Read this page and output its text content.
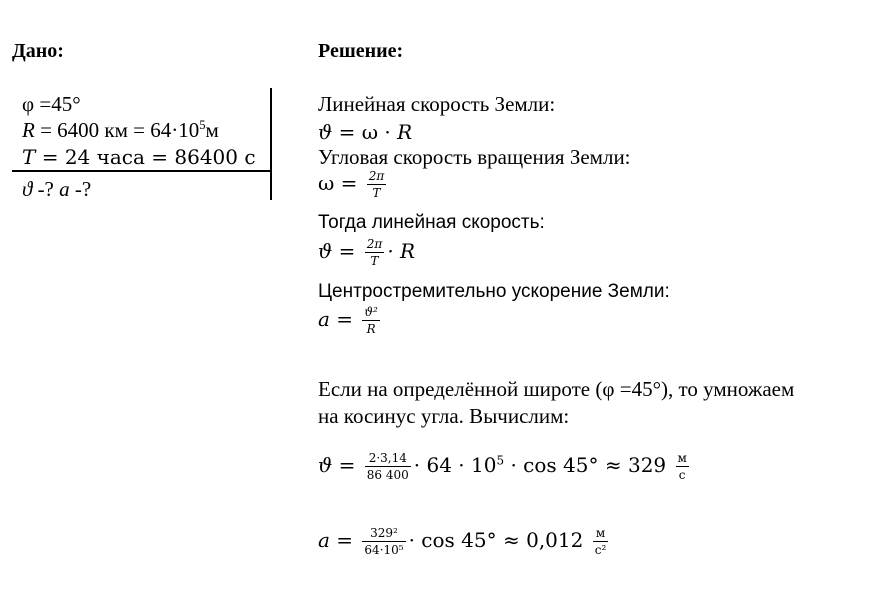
Дано:
φ =45°
R = 6400 км = $64\cdot 10^5м$
T = 24 часа = 86400 с
ϑ -? a -?
Решение:
Линейная скорость Земли:
ϑ = ω · R
Угловая скорость вращения Земли:
$\omega = \frac{2\pi}{T}$
Тогда линейная скорость:
$ϑ = \frac{2\pi}{T} \cdot R$
Центростремительно ускорение Земли:
$a = \frac{\text{ϑ²}}{R}$
Если на определённой широте (φ =45°), то умножаем
на косинус угла. Вычислим:
$ϑ = \frac{2\cdot 3,14}{86 400} \cdot 64 \cdot 10^5 \cdot \cos 45^\circ \approx 329 \frac{м}{с}$
$a = \frac{\text{329²}}{\text{64·10⁵}} \cdot \cos 45^\circ \approx 0,012 \frac{м}{\text{с²}}$
